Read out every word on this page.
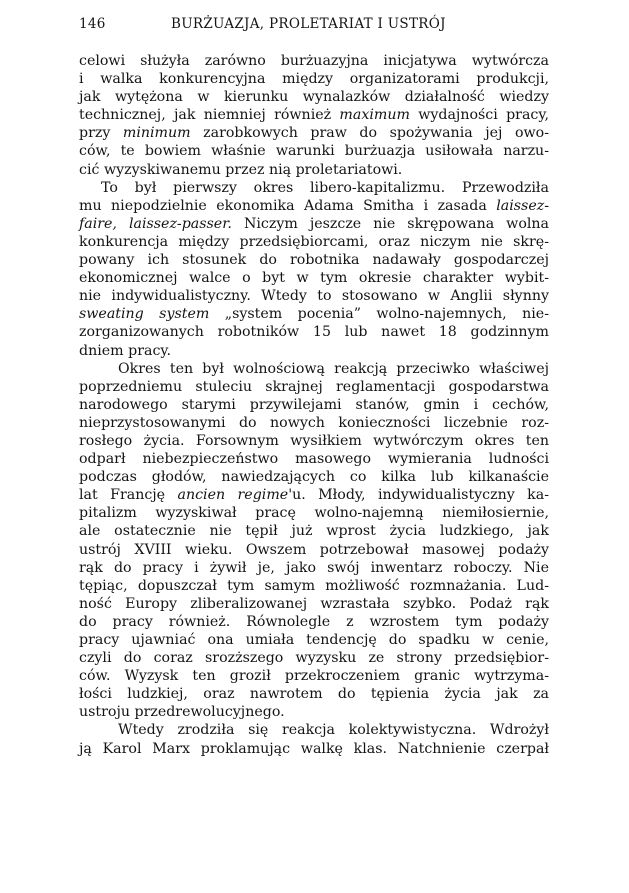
146	BURŻUAZJA, PROLETARIAT I USTRÓJ
celowi służyła zarówno burżuazyjna inicjatywa wytwórcza
i walka konkurencyjna między organizatorami produkcji,
jak wytężona w kierunku wynalazków działalność wiedzy
technicznej, jak niemniej również maximum wydajności pracy,
przy minimum zarobkowych praw do spożywania jej owo-
ców, te bowiem właśnie warunki burżuazja usiłowała narzu-
cić wyzyskiwanemu przez nią proletariatowi.
To był pierwszy okres libero-kapitalizmu. Przewodziła
mu niepodzielnie ekonomika Adama Smitha i zasada laissez-
faire, laissez-passer. Niczym jeszcze nie skrępowana wolna
konkurencja między przedsiębiorcami, oraz niczym nie skrę-
powany ich stosunek do robotnika nadawały gospodarczej
ekonomicznej walce o byt w tym okresie charakter wybit-
nie indywidualistyczny. Wtedy to stosowano w Anglii słynny
sweating system „system pocenia” wolno-najemnych, nie-
zorganizowanych robotników 15 lub nawet 18 godzinnym
dniem pracy.
Okres ten był wolnościową reakcją przeciwko właściwej
poprzedniemu stuleciu skrajnej reglamentacji gospodarstwa
narodowego starymi przywilejami stanów, gmin i cechów,
nieprzystosowanymi do nowych konieczności liczebnie roz-
rosłego życia. Forsownym wysiłkiem wytwórczym okres ten
odparł niebezpieczeństwo masowego wymierania ludności
podczas głodów, nawiedzających co kilka lub kilkanaście
lat Francję ancien regime'u. Młody, indywidualistyczny ka-
pitalizm wyzyskiwał pracę wolno-najemną niemiłosiernie,
ale ostatecznie nie tępił już wprost życia ludzkiego, jak
ustrój XVIII wieku. Owszem potrzebował masowej podaży
rąk do pracy i żywił je, jako swój inwentarz roboczy. Nie
tępiąc, dopuszczał tym samym możliwość rozmnażania. Lud-
ność Europy zliberalizowanej wzrastała szybko. Podaż rąk
do pracy również. Równolegle z wzrostem tym podaży
pracy ujawniać ona umiała tendencję do spadku w cenie,
czyli do coraz srozższego wyzysku ze strony przedsiębior-
ców. Wyzysk ten groził przekroczeniem granic wytrzyma-
łości ludzkiej, oraz nawrotem do tępienia życia jak za
ustroju przedrewolucyjnego.
Wtedy zrodziła się reakcja kolektywistyczna. Wdrożył
ją Karol Marx proklamując walkę klas. Natchnienie czerpał
